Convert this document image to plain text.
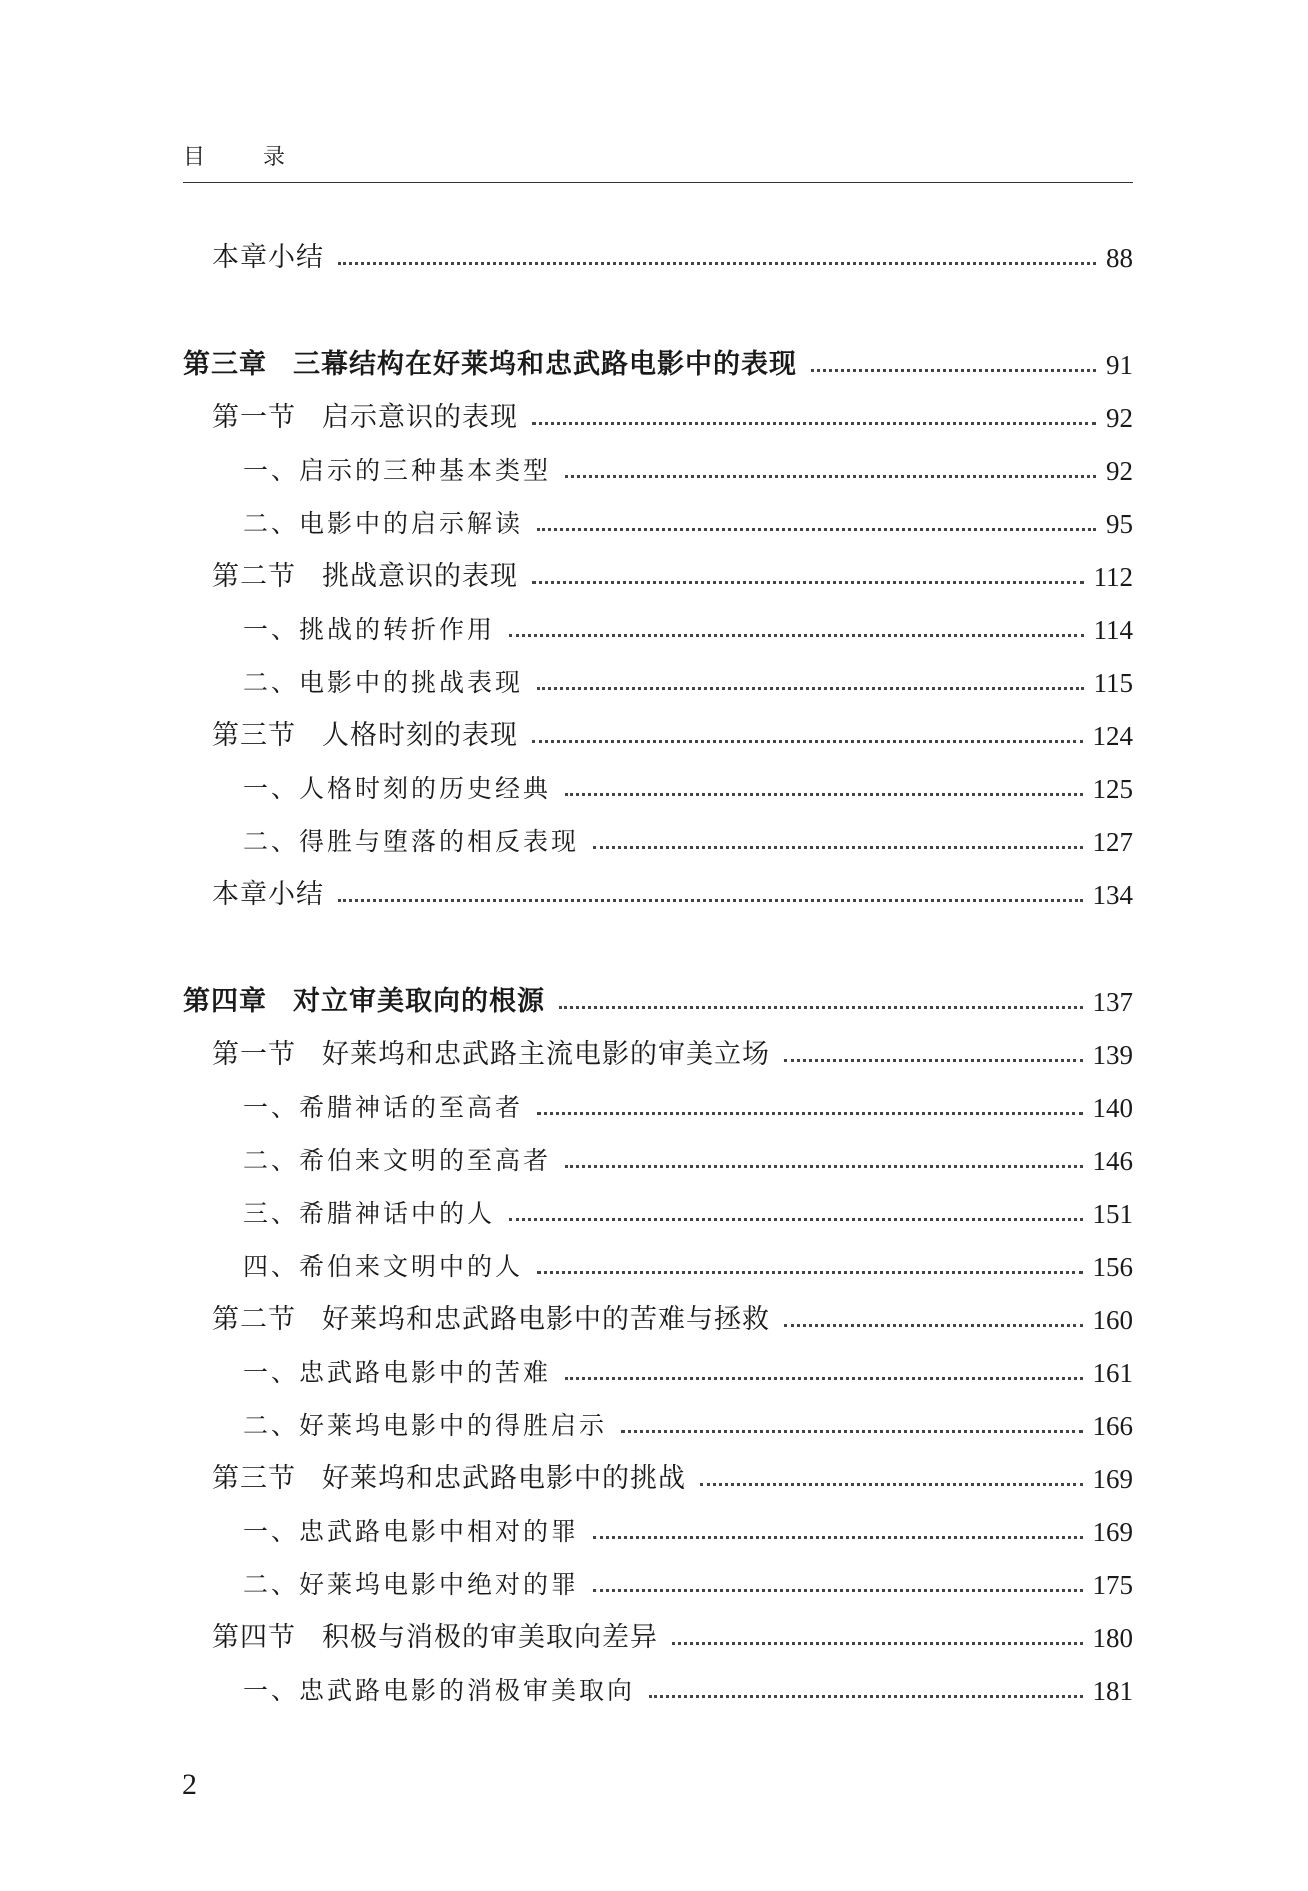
目	录
本章小结	88
第三章 三幕结构在好莱坞和忠武路电影中的表现	91
第一节 启示意识的表现	92
一、启示的三种基本类型	92
二、电影中的启示解读	95
第二节 挑战意识的表现	112
一、挑战的转折作用	114
二、电影中的挑战表现	115
第三节 人格时刻的表现	124
一、人格时刻的历史经典	125
二、得胜与堕落的相反表现	127
本章小结	134
第四章 对立审美取向的根源	137
第一节 好莱坞和忠武路主流电影的审美立场	139
一、希腊神话的至高者	140
二、希伯来文明的至高者	146
三、希腊神话中的人	151
四、希伯来文明中的人	156
第二节 好莱坞和忠武路电影中的苦难与拯救	160
一、忠武路电影中的苦难	161
二、好莱坞电影中的得胜启示	166
第三节 好莱坞和忠武路电影中的挑战	169
一、忠武路电影中相对的罪	169
二、好莱坞电影中绝对的罪	175
第四节 积极与消极的审美取向差异	180
一、忠武路电影的消极审美取向	181
2
